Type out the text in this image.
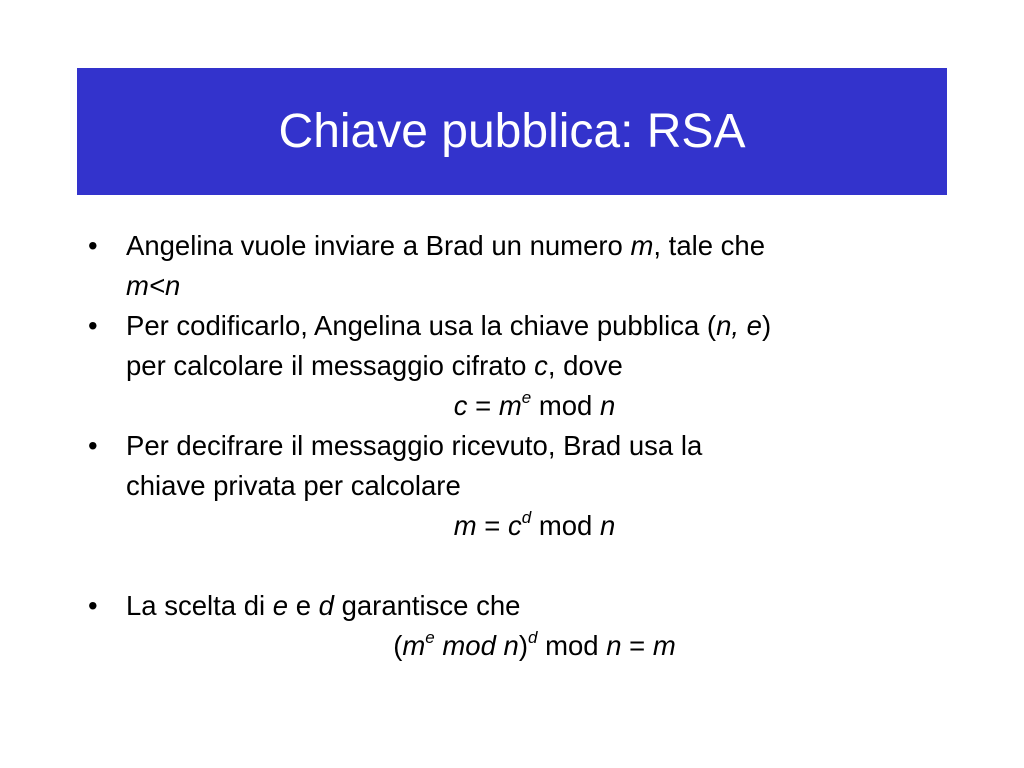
Chiave pubblica: RSA
• Angelina vuole inviare a Brad un numero m, tale che
m<n
• Per codificarlo, Angelina usa la chiave pubblica (n, e)
per calcolare il messaggio cifrato c, dove
$c = m^e$ mod n
• Per decifrare il messaggio ricevuto, Brad usa la
chiave privata per calcolare
$m = c^d$ mod n
• La scelta di e e d garantisce che
($m^e$ mod n)$^d$ mod n = m
